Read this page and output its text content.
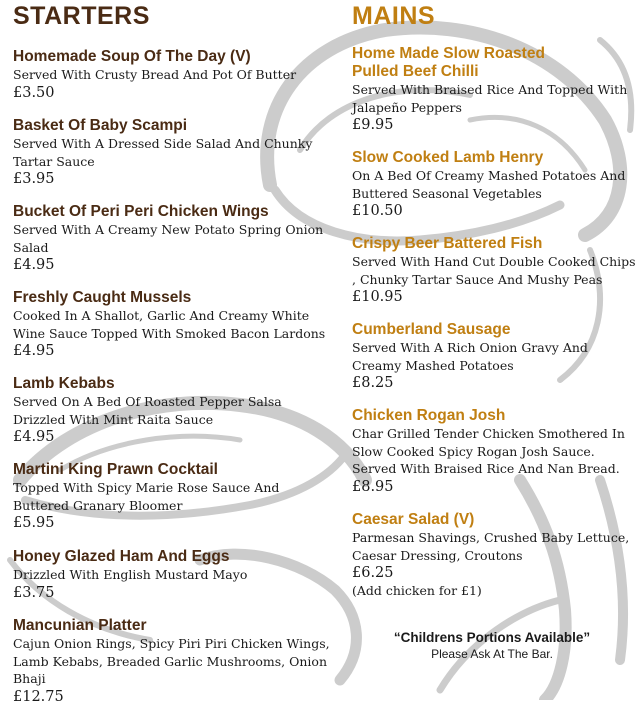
STARTERS
Homemade Soup Of The Day (V)
Served With Crusty Bread And Pot Of Butter
£3.50
Basket Of Baby Scampi
Served With A Dressed Side Salad And Chunky Tartar Sauce
£3.95
Bucket Of Peri Peri Chicken Wings
Served With A Creamy New Potato Spring Onion Salad
£4.95
Freshly Caught Mussels
Cooked In A Shallot, Garlic And Creamy White Wine Sauce Topped With Smoked Bacon Lardons
£4.95
Lamb Kebabs
Served On A Bed Of Roasted Pepper Salsa Drizzled With Mint Raita Sauce
£4.95
Martini King Prawn Cocktail
Topped With Spicy Marie Rose Sauce And Buttered Granary Bloomer
£5.95
Honey Glazed Ham And Eggs
Drizzled With English Mustard Mayo
£3.75
Mancunian Platter
Cajun Onion Rings, Spicy Piri Piri Chicken Wings, Lamb Kebabs, Breaded Garlic Mushrooms, Onion Bhaji
£12.75
MAINS
Home Made Slow Roasted
Pulled Beef Chilli
Served With Braised Rice And Topped With Jalapeño Peppers
£9.95
Slow Cooked Lamb Henry
On A Bed Of Creamy Mashed Potatoes And Buttered Seasonal Vegetables
£10.50
Crispy Beer Battered Fish
Served With Hand Cut Double Cooked Chips , Chunky Tartar Sauce And Mushy Peas
£10.95
Cumberland Sausage
Served With A Rich Onion Gravy And Creamy Mashed Potatoes
£8.25
Chicken Rogan Josh
Char Grilled Tender Chicken Smothered In Slow Cooked Spicy Rogan Josh Sauce. Served With Braised Rice And Nan Bread.
£8.95
Caesar Salad (V)
Parmesan Shavings, Crushed Baby Lettuce, Caesar Dressing, Croutons
£6.25
(Add chicken for £1)
“Childrens Portions Available”
Please Ask At The Bar.
